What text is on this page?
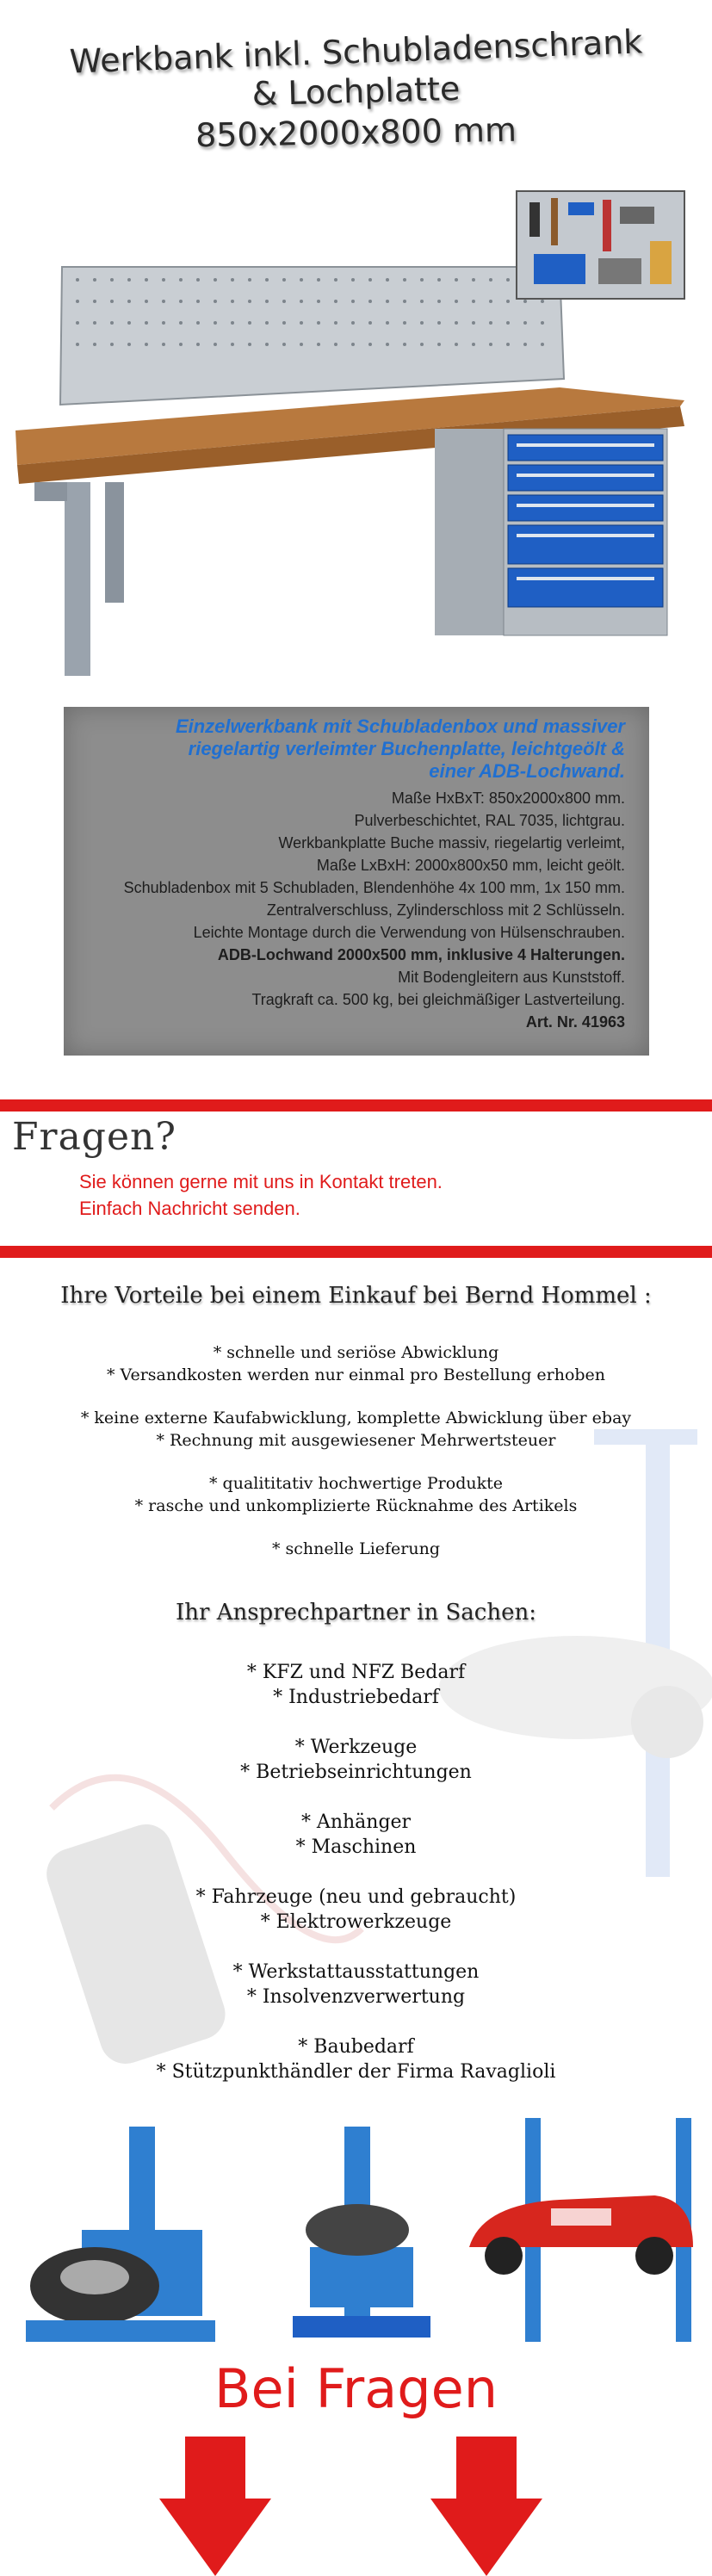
Werkbank inkl. Schubladenschrank
& Lochplatte
850x2000x800 mm
Einzelwerkbank mit Schubladenbox und massiver
riegelartig verleimter Buchenplatte, leichtgeölt &
einer ADB-Lochwand.
Maße HxBxT: 850x2000x800 mm.
Pulverbeschichtet, RAL 7035, lichtgrau.
Werkbankplatte Buche massiv, riegelartig verleimt,
Maße LxBxH: 2000x800x50 mm, leicht geölt.
Schubladenbox mit 5 Schubladen, Blendenhöhe 4x 100 mm, 1x 150 mm.
Zentralverschluss, Zylinderschloss mit 2 Schlüsseln.
Leichte Montage durch die Verwendung von Hülsenschrauben.
ADB-Lochwand 2000x500 mm, inklusive 4 Halterungen.
Mit Bodengleitern aus Kunststoff.
Tragkraft ca. 500 kg, bei gleichmäßiger Lastverteilung.
Art. Nr. 41963
Fragen?
Sie können gerne mit uns in Kontakt treten.
Einfach Nachricht senden.
Ihre Vorteile bei einem Einkauf bei Bernd Hommel :
* schnelle und seriöse Abwicklung
* Versandkosten werden nur einmal pro Bestellung erhoben
* keine externe Kaufabwicklung, komplette Abwicklung über ebay
* Rechnung mit ausgewiesener Mehrwertsteuer
* qualititativ hochwertige Produkte
* rasche und unkomplizierte Rücknahme des Artikels
* schnelle Lieferung
Ihr Ansprechpartner in Sachen:
* KFZ und NFZ Bedarf
* Industriebedarf
* Werkzeuge
* Betriebseinrichtungen
* Anhänger
* Maschinen
* Fahrzeuge (neu und gebraucht)
* Elektrowerkzeuge
* Werkstattausstattungen
* Insolvenzverwertung
* Baubedarf
* Stützpunkthändler der Firma Ravaglioli
Bei Fragen
